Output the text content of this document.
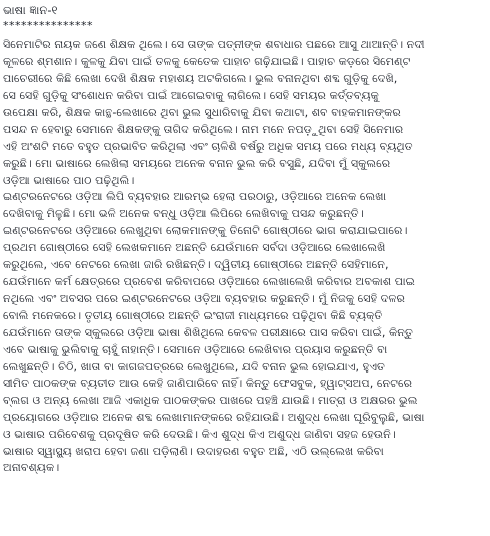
ଭାଷା ଜ୍ଞାନ-୧
***************
ସିନେମାଟିର ନାୟକ ଜଣେ ଶିକ୍ଷକ ଥିଲେ। ସେ ତାଙ୍କ ପତ୍ନୀଙ୍କ ଶବାଧାର ପଛରେ ଆସୁ ଥାଆନ୍ତି। ନଦୀ
କୂଳରେ ଶ୍ମଶାନ। କୁଳକୁ ଯିବା ପାଇଁ ତଳକୁ କେତେକ ପାହାଚ ଗଢ଼ିଯାଇଛି। ପାହାଚ କଡ଼ରେ ସିମେଣ୍ଟ
ପାଚେରୀରେ କିଛି ଲେଖା ଦେଖି ଶିକ୍ଷକ ମହାଶୟ ଅଟକିଗଲେ। ଭୁଲ ବନାନଥିବା ଶବ୍ଦ ଗୁଡ଼ିକୁ ଦେଖି,
ସେ ସେହି ଗୁଡ଼ିକୁ ସଂଶୋଧନ କରିବା ପାଇଁ ଆଗେଇବାକୁ ଲାଗିଲେ। ସେହି ସମୟର କର୍ତ୍ତବ୍ୟକୁ
ଉପେକ୍ଷା କରି, ଶିକ୍ଷକ କାନ୍ଥ-ଲେଖାରେ ଥିବା ଭୁଲ ସୁଧାରିବାକୁ ଯିବା କଥାଟା, ଶବ ବାହକମାନଙ୍କର
ପସନ୍ଦ ନ ହେବାରୁ ସେମାନେ ଶିକ୍ଷକଙ୍କୁ ତାଗିଦ କରିଥିଲେ। ନାମ ମନେ ନପଡ଼ୁଥିବା ସେହି ସିନେମାର
ଏହି ଅଂଶଟି ମତେ ବହୁତ ପ୍ରଭାବିତ କରିଥିଲା ଏବଂ ଚାଳିଶି ବର୍ଷରୁ ଅଧିକ ସମୟ ପରେ ମଧ୍ୟ ବ୍ୟଥିତ
କରୁଛି। ମୋ ଭାଷାରେ ଲେଖିଲା ସମୟରେ ଅନେକ ବନାନ ଭୁଲ କରି ବସୁଛି, ଯଦିବା ମୁଁ ସ୍କୁଲରେ
ଓଡ଼ିଆ ଭାଷାରେ ପାଠ ପଢ଼ିଥିଲି।
ଇଣ୍ଟରନେଟରେ ଓଡ଼ିଆ ଲିପି ବ୍ୟବହାର ଆରମ୍ଭ ହେଲା ପରଠାରୁ, ଓଡ଼ିଆରେ ଅନେକ ଲେଖା
ଦେଖିବାକୁ ମିଳୁଛି। ମୋ ଭଳି ଅନେକ ବନ୍ଧୁ ଓଡ଼ିଆ ଲିପିରେ ଲେଖିବାକୁ ପସନ୍ଦ କରୁଛନ୍ତି।
ଇଣ୍ଟରନେଟରେ ଓଡ଼ିଆରେ ଲେଖୁଥିବା ଲୋକମାନଙ୍କୁ ତିନୋଟି ଗୋଷ୍ଠୀରେ ଭାଗ କରାଯାଇପାରେ।
ପ୍ରଥମ ଗୋଷ୍ଠୀରେ ସେହି ଲେଖକମାନେ ଅଛନ୍ତି ଯେଉଁମାନେ ସର୍ବଦା ଓଡ଼ିଆରେ ଲେଖାଲେଖି
କରୁଥିଲେ, ଏବେ ନେଟରେ ଲେଖା ଜାରି ରଖିଛନ୍ତି। ଦ୍ୱିତୀୟ ଗୋଷ୍ଠୀରେ ଅଛନ୍ତି ସେହିମାନେ,
ଯେଉଁମାନେ କର୍ମ କ୍ଷେତ୍ରରେ ପ୍ରବେଶ କରିବାପରେ ଓଡ଼ିଆରେ ଲେଖାଲେଖି କରିବାର ଅବକାଶ ପାଇ
ନଥିଲେ ଏବଂ ଅବସର ପରେ ଇଣ୍ଟରନେଟରେ ଓଡ଼ିଆ ବ୍ୟବହାର କରୁଛନ୍ତି। ମୁଁ ନିଜକୁ ସେହି ଦଳର
ବୋଲି ମନେକରେ। ତୃତୀୟ ଗୋଷ୍ଠୀରେ ଅଛନ୍ତି ଇଂରାଜୀ ମାଧ୍ୟମରେ ପଢ଼ିଥିବା କିଛି ବ୍ୟକ୍ତି
ଯେଉଁମାନେ ତାଙ୍କ ସ୍କୁଲରେ ଓଡ଼ିଆ ଭାଷା ଶିଖିଥିଲେ କେବଳ ପରୀକ୍ଷାରେ ପାସ କରିବା ପାଇଁ, କିନ୍ତୁ
ଏବେ ଭାଷାକୁ ଭୁଲିବାକୁ ଚାହୁଁ ନାହାନ୍ତି। ସେମାନେ ଓଡ଼ିଆରେ ଲେଖିବାର ପ୍ରୟାସ କରୁଛନ୍ତି ବା
ଲେଖୁଛନ୍ତି। ଚିଠି, ଖାତା ବା କାଗଜପତ୍ରରେ ଲେଖୁଥିଲେ, ଯଦି ବନାନ ଭୁଲ ହୋଇଯାଏ, ହୁଏତ
ସୀମିତ ପାଠକଙ୍କ ବ୍ୟତୀତ ଆଉ କେହି ଜାଣିପାରିବେ ନାହିଁ। କିନ୍ତୁ ଫେସବୁକ, ହ୍ୱାଟ୍ସଅପ, ନେଟରେ
ବ୍ଲଗ ଓ ଅନ୍ୟ ଲେଖା ଆଜି ଏକାଧିକ ପାଠକଙ୍କର ପାଖରେ ପହଞ୍ଚି ଯାଉଛି। ମାତ୍ରା ଓ ଅକ୍ଷରର ଭୁଲ
ପ୍ରୟୋଗରେ ଓଡ଼ିଆର ଅନେକ ଶବ୍ଦ ଲେଖାମାନଙ୍କରେ ରହିଯାଉଛି। ଅଶୁଦ୍ଧ ଲେଖା ଘୂରିବୁଲୁଛି, ଭାଷା
ଓ ଭାଷାର ପରିବେଶକୁ ପ୍ରଦୂଷିତ କରି ଦେଉଛି। କିଏ ଶୁଦ୍ଧ କିଏ ଅଶୁଦ୍ଧ ଜାଣିବା ସହଜ ହେଉନି।
ଭାଷାର ସ୍ୱାସ୍ଥ୍ୟ ଖରାପ ହେବା ଜଣା ପଡ଼ିଲାଣି। ଉଦାହରଣ ବହୁତ ଅଛି, ଏଠି ଉଲ୍ଲେଖ କରିବା
ଅନାବଶ୍ୟକ।
